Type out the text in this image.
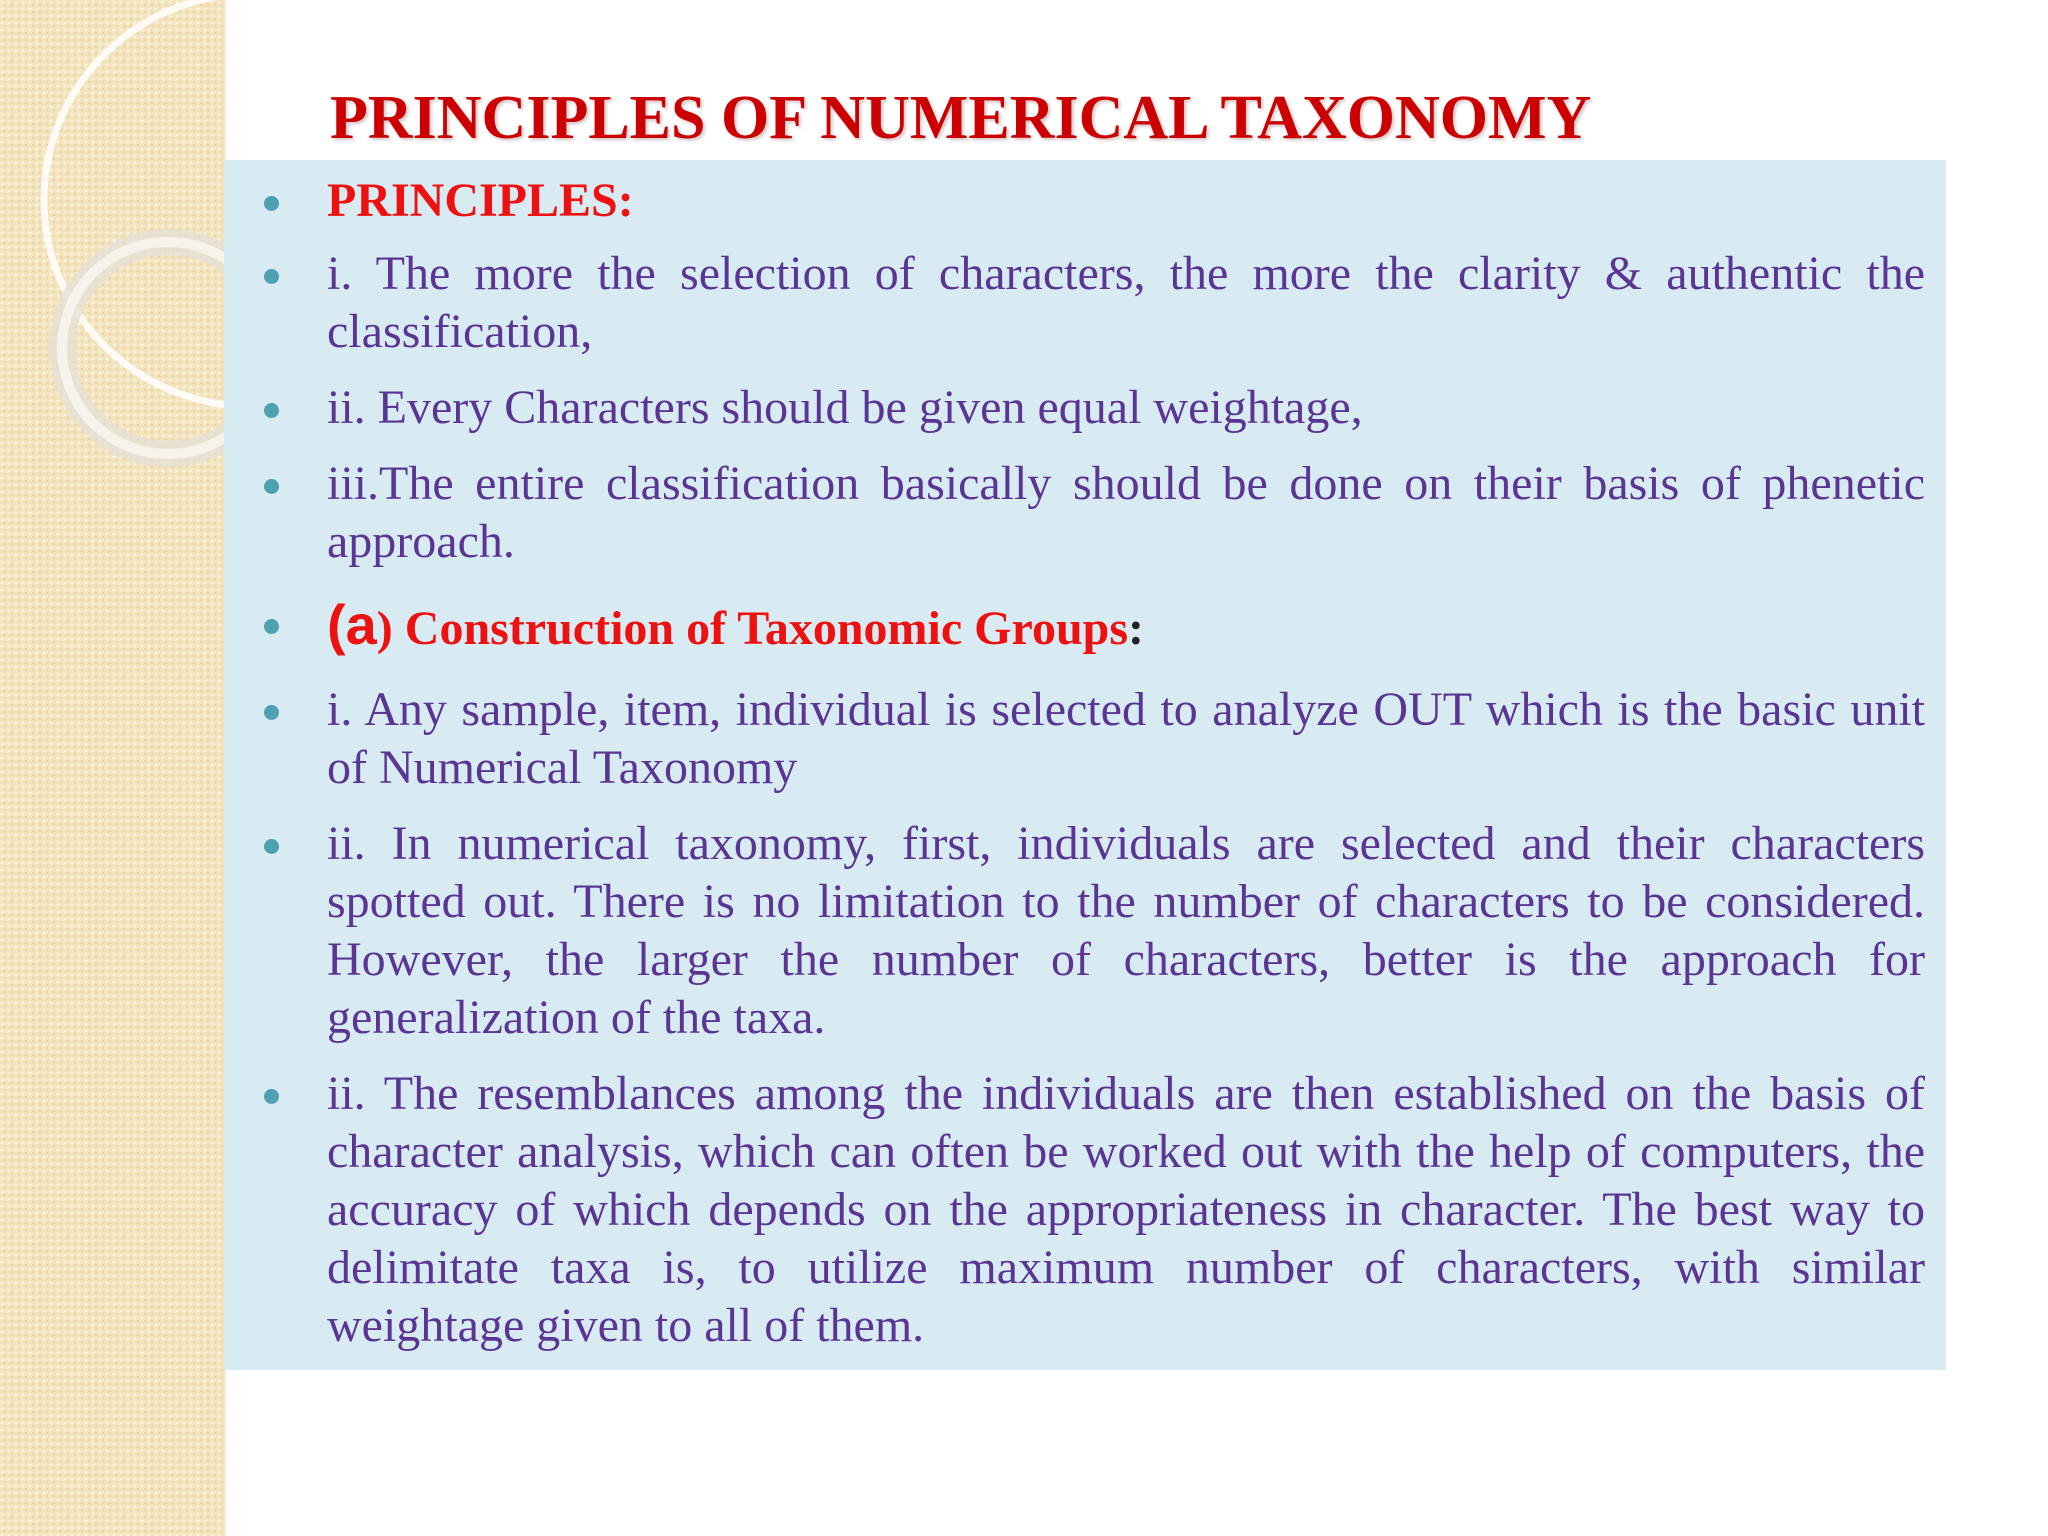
PRINCIPLES OF NUMERICAL TAXONOMY
PRINCIPLES:
i. The more the selection of characters, the more the clarity & authentic the classification,
ii. Every Characters should be given equal weightage,
iii.The entire classification basically should be done on their basis of phenetic approach.
(a) Construction of Taxonomic Groups:
i. Any sample, item, individual is selected to analyze OUT which is the basic unit of Numerical Taxonomy
ii. In numerical taxonomy, first, individuals are selected and their characters spotted out. There is no limitation to the number of characters to be considered. However, the larger the number of characters, better is the approach for generalization of the taxa.
ii. The resemblances among the individuals are then established on the basis of character analysis, which can often be worked out with the help of computers, the accuracy of which depends on the appropriateness in character. The best way to delimitate taxa is, to utilize maximum number of characters, with similar weightage given to all of them.
